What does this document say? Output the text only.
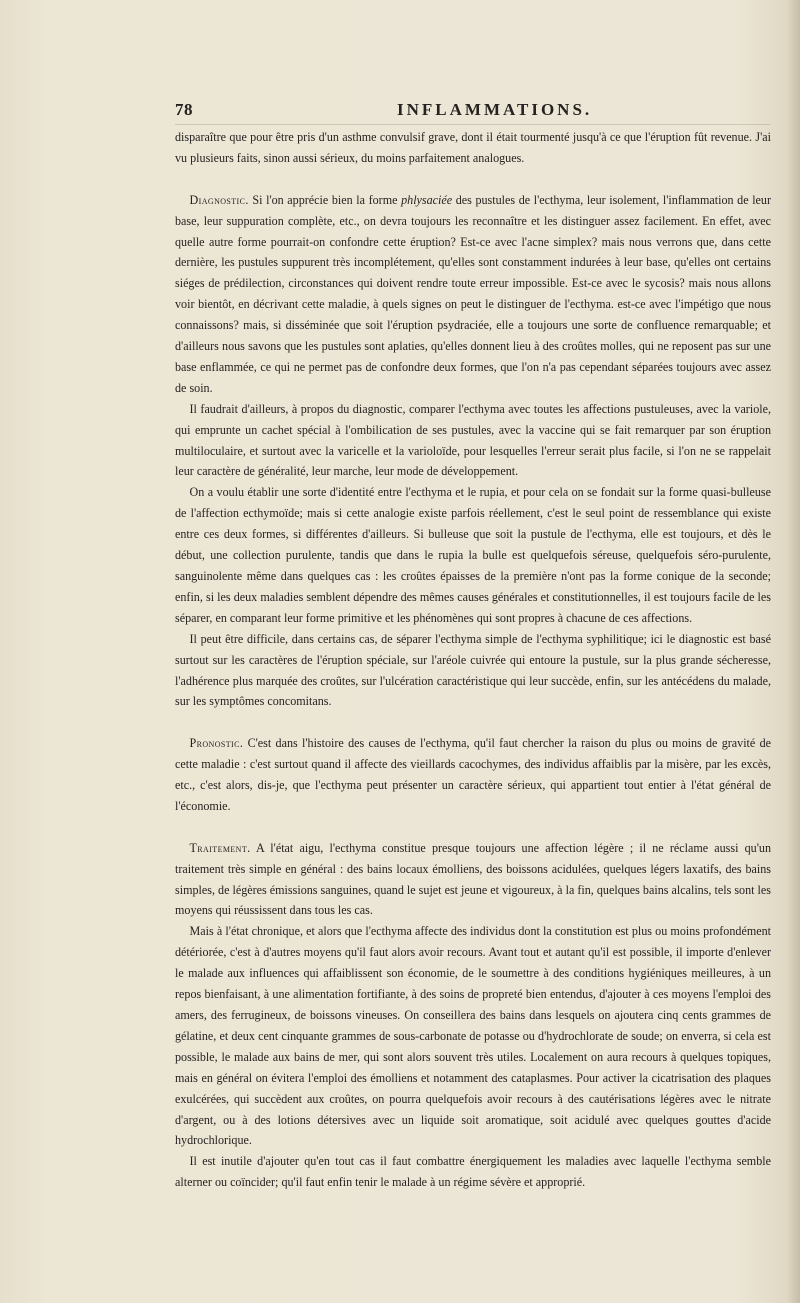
78	INFLAMMATIONS.

disparaître que pour être pris d'un asthme convulsif grave, dont il était tourmenté jusqu'à ce que l'éruption fût revenue. J'ai vu plusieurs faits, sinon aussi sérieux, du moins parfaitement analogues.

Diagnostic. Si l'on apprécie bien la forme phlysaciée des pustules de l'ecthyma, leur isolement, l'inflammation de leur base, leur suppuration complète, etc., on devra toujours les reconnaître et les distinguer assez facilement. En effet, avec quelle autre forme pourrait-on confondre cette éruption? Est-ce avec l'acne simplex? mais nous verrons que, dans cette dernière, les pustules suppurent très incomplétement, qu'elles sont constamment indurées à leur base, qu'elles ont certains siéges de prédilection, circonstances qui doivent rendre toute erreur impossible. Est-ce avec le sycosis? mais nous allons voir bientôt, en décrivant cette maladie, à quels signes on peut le distinguer de l'ecthyma. est-ce avec l'impétigo que nous connaissons? mais, si disséminée que soit l'éruption psydraciée, elle a toujours une sorte de confluence remarquable; et d'ailleurs nous savons que les pustules sont aplaties, qu'elles donnent lieu à des croûtes molles, qui ne reposent pas sur une base enflammée, ce qui ne permet pas de confondre deux formes, que l'on n'a pas cependant séparées toujours avec assez de soin.

Il faudrait d'ailleurs, à propos du diagnostic, comparer l'ecthyma avec toutes les affections pustuleuses, avec la variole, qui emprunte un cachet spécial à l'ombilication de ses pustules, avec la vaccine qui se fait remarquer par son éruption multiloculaire, et surtout avec la varicelle et la varioloïde, pour lesquelles l'erreur serait plus facile, si l'on ne se rappelait leur caractère de généralité, leur marche, leur mode de développement.

On a voulu établir une sorte d'identité entre l'ecthyma et le rupia, et pour cela on se fondait sur la forme quasi-bulleuse de l'affection ecthymoïde; mais si cette analogie existe parfois réellement, c'est le seul point de ressemblance qui existe entre ces deux formes, si différentes d'ailleurs. Si bulleuse que soit la pustule de l'ecthyma, elle est toujours, et dès le début, une collection purulente, tandis que dans le rupia la bulle est quelquefois séreuse, quelquefois séro-purulente, sanguinolente même dans quelques cas : les croûtes épaisses de la première n'ont pas la forme conique de la seconde; enfin, si les deux maladies semblent dépendre des mêmes causes générales et constitutionnelles, il est toujours facile de les séparer, en comparant leur forme primitive et les phénomènes qui sont propres à chacune de ces affections.

Il peut être difficile, dans certains cas, de séparer l'ecthyma simple de l'ecthyma syphilitique; ici le diagnostic est basé surtout sur les caractères de l'éruption spéciale, sur l'aréole cuivrée qui entoure la pustule, sur la plus grande sécheresse, l'adhérence plus marquée des croûtes, sur l'ulcération caractéristique qui leur succède, enfin, sur les antécédens du malade, sur les symptômes concomitans.

Pronostic. C'est dans l'histoire des causes de l'ecthyma, qu'il faut chercher la raison du plus ou moins de gravité de cette maladie : c'est surtout quand il affecte des vieillards cacochymes, des individus affaiblis par la misère, par les excès, etc., c'est alors, dis-je, que l'ecthyma peut présenter un caractère sérieux, qui appartient tout entier à l'état général de l'économie.

Traitement. A l'état aigu, l'ecthyma constitue presque toujours une affection légère ; il ne réclame aussi qu'un traitement très simple en général : des bains locaux émolliens, des boissons acidulées, quelques légers laxatifs, des bains simples, de légères émissions sanguines, quand le sujet est jeune et vigoureux, à la fin, quelques bains alcalins, tels sont les moyens qui réussissent dans tous les cas.

Mais à l'état chronique, et alors que l'ecthyma affecte des individus dont la constitution est plus ou moins profondément détériorée, c'est à d'autres moyens qu'il faut alors avoir recours. Avant tout et autant qu'il est possible, il importe d'enlever le malade aux influences qui affaiblissent son économie, de le soumettre à des conditions hygiéniques meilleures, à un repos bienfaisant, à une alimentation fortifiante, à des soins de propreté bien entendus, d'ajouter à ces moyens l'emploi des amers, des ferrugineux, de boissons vineuses. On conseillera des bains dans lesquels on ajoutera cinq cents grammes de gélatine, et deux cent cinquante grammes de sous-carbonate de potasse ou d'hydrochlorate de soude; on enverra, si cela est possible, le malade aux bains de mer, qui sont alors souvent très utiles. Localement on aura recours à quelques topiques, mais en général on évitera l'emploi des émolliens et notamment des cataplasmes. Pour activer la cicatrisation des plaques exulcérées, qui succèdent aux croûtes, on pourra quelquefois avoir recours à des cautérisations légères avec le nitrate d'argent, ou à des lotions détersives avec un liquide soit aromatique, soit acidulé avec quelques gouttes d'acide hydrochlorique.

Il est inutile d'ajouter qu'en tout cas il faut combattre énergiquement les maladies avec laquelle l'ecthyma semble alterner ou coïncider; qu'il faut enfin tenir le malade à un régime sévère et approprié.
